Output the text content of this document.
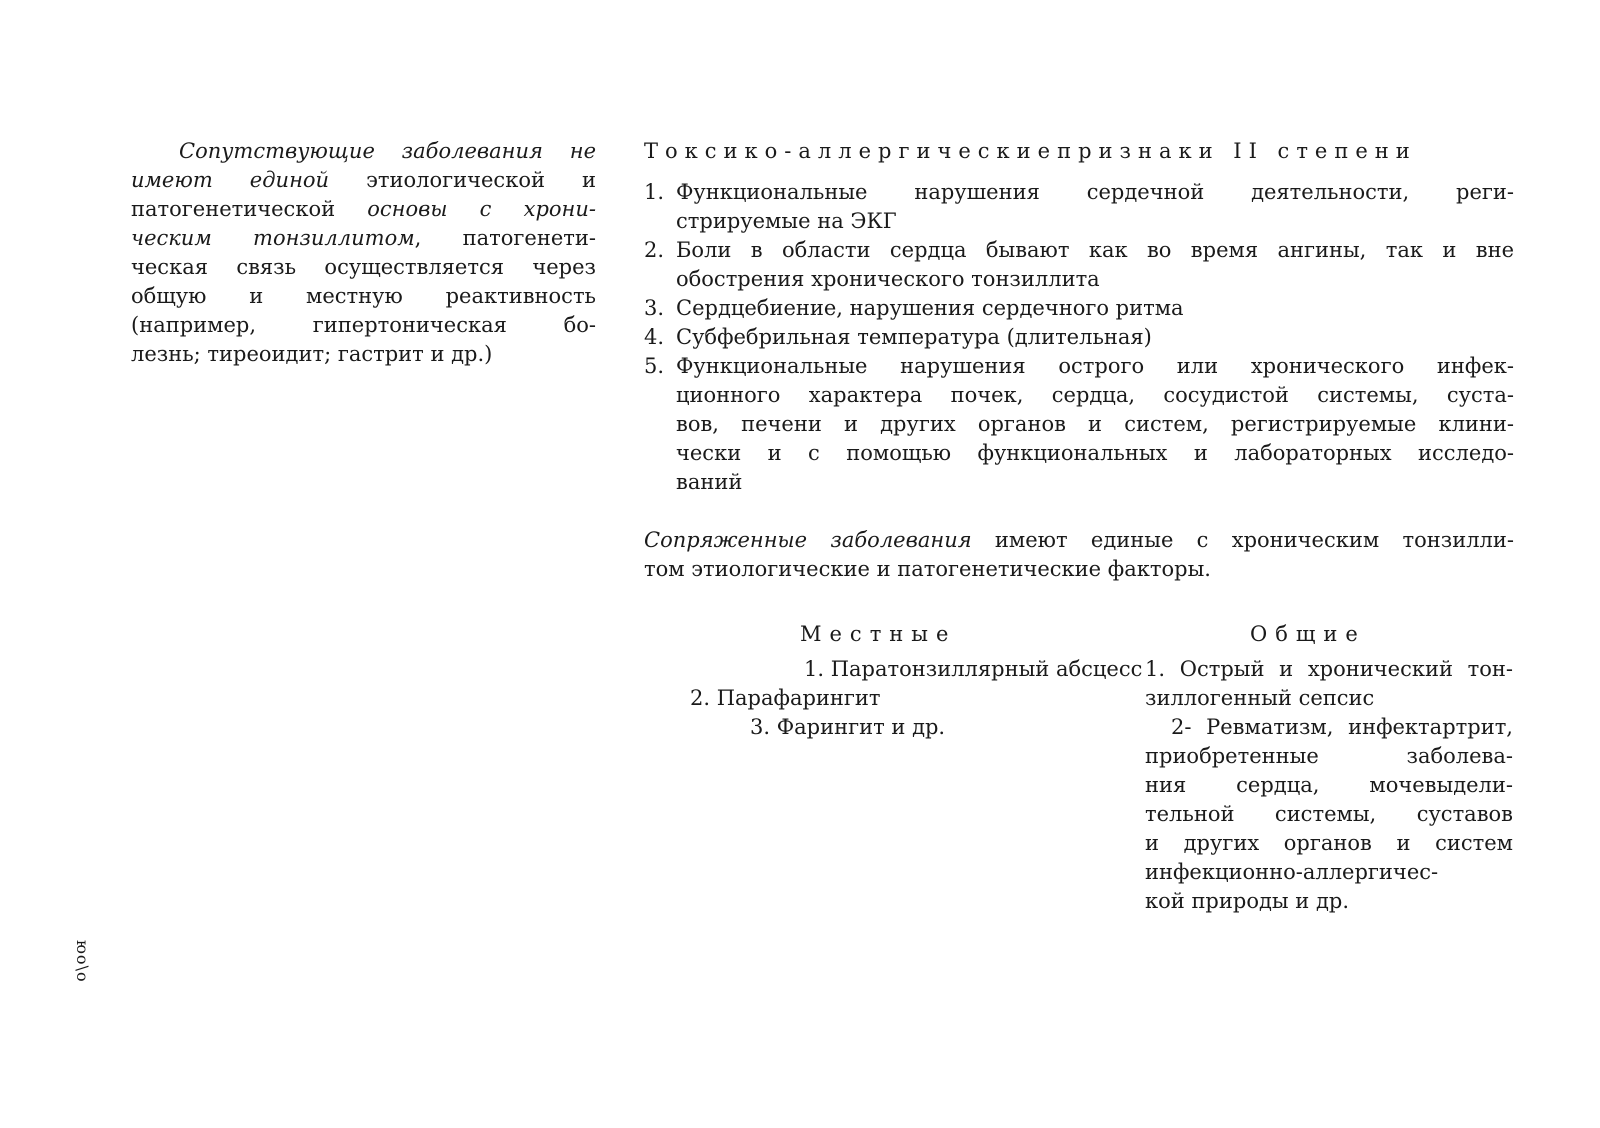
Сопутствующие заболевания не
имеют единой этиологической и
патогенетической основы с хрони-
ческим тонзиллитом, патогенети-
ческая связь осуществляется через
общую и местную реактивность
(например, гипертоническая бо-
лезнь; тиреоидит; гастрит и др.)
Токсико-аллергическиепризнаки II степени
1. Функциональные нарушения сердечной деятельности, реги-
стрируемые на ЭКГ
2. Боли в области сердца бывают как во время ангины, так и вне
обострения хронического тонзиллита
3. Сердцебиение, нарушения сердечного ритма
4. Субфебрильная температура (длительная)
5. Функциональные нарушения острого или хронического инфек-
ционного характера почек, сердца, сосудистой системы, суста-
вов, печени и других органов и систем, регистрируемые клини-
чески и с помощью функциональных и лабораторных исследо-
ваний
Сопряженные заболевания имеют единые с хроническим тонзилли-
том этиологические и патогенетические факторы.
Местные	Общие
1. Паратонзиллярный абсцесс
2. Парафарингит
3. Фарингит и др.
1. Острый и хронический тон-
зиллогенный сепсис
2- Ревматизм, инфектартрит,
приобретенные заболева-
ния сердца, мочевыдели-
тельной системы, суставов
и других органов и систем
инфекционно-аллергичес-
кой природы и др.
юо\о
